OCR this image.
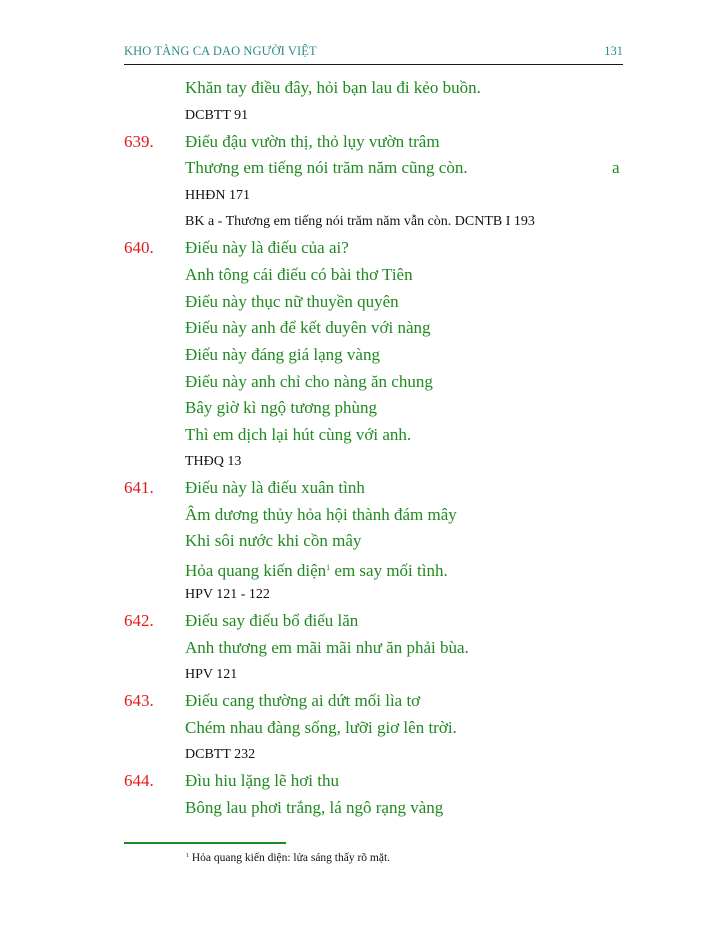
KHO TÀNG CA DAO NGƯỜI VIỆT	131
Khăn tay điều đây, hỏi bạn lau đi kẻo buồn.
DCBTT 91
639. Điểu đậu vườn thị, thỏ lụy vườn trâm
Thương em tiếng nói trăm năm cũng còn.	a
HHĐN 171
BK a - Thương em tiếng nói trăm năm vẫn còn. DCNTB I 193
640. Điếu này là điếu của ai?
Anh tông cái điếu có bài thơ Tiên
Điếu này thục nữ thuyền quyên
Điếu này anh để kết duyên với nàng
Điếu này đáng giá lạng vàng
Điếu này anh chỉ cho nàng ăn chung
Bây giờ kì ngộ tương phùng
Thì em dịch lại hút cùng với anh.
THĐQ 13
641. Điếu này là điếu xuân tình
Âm dương thủy hỏa hội thành đám mây
Khi sôi nước khi cồn mây
Hỏa quang kiến diện$^1$ em say mối tình.
HPV 121 - 122
642. Điếu say điếu bổ điếu lăn
Anh thương em mãi mãi như ăn phải bùa.
HPV 121
643. Điếu cang thường ai dứt mối lìa tơ
Chém nhau đàng sống, lưỡi giơ lên trời.
DCBTT 232
644. Đìu hiu lặng lẽ hơi thu
Bông lau phơi trắng, lá ngô rạng vàng
$^1$ Hỏa quang kiến diện: lửa sáng thấy rõ mặt.
